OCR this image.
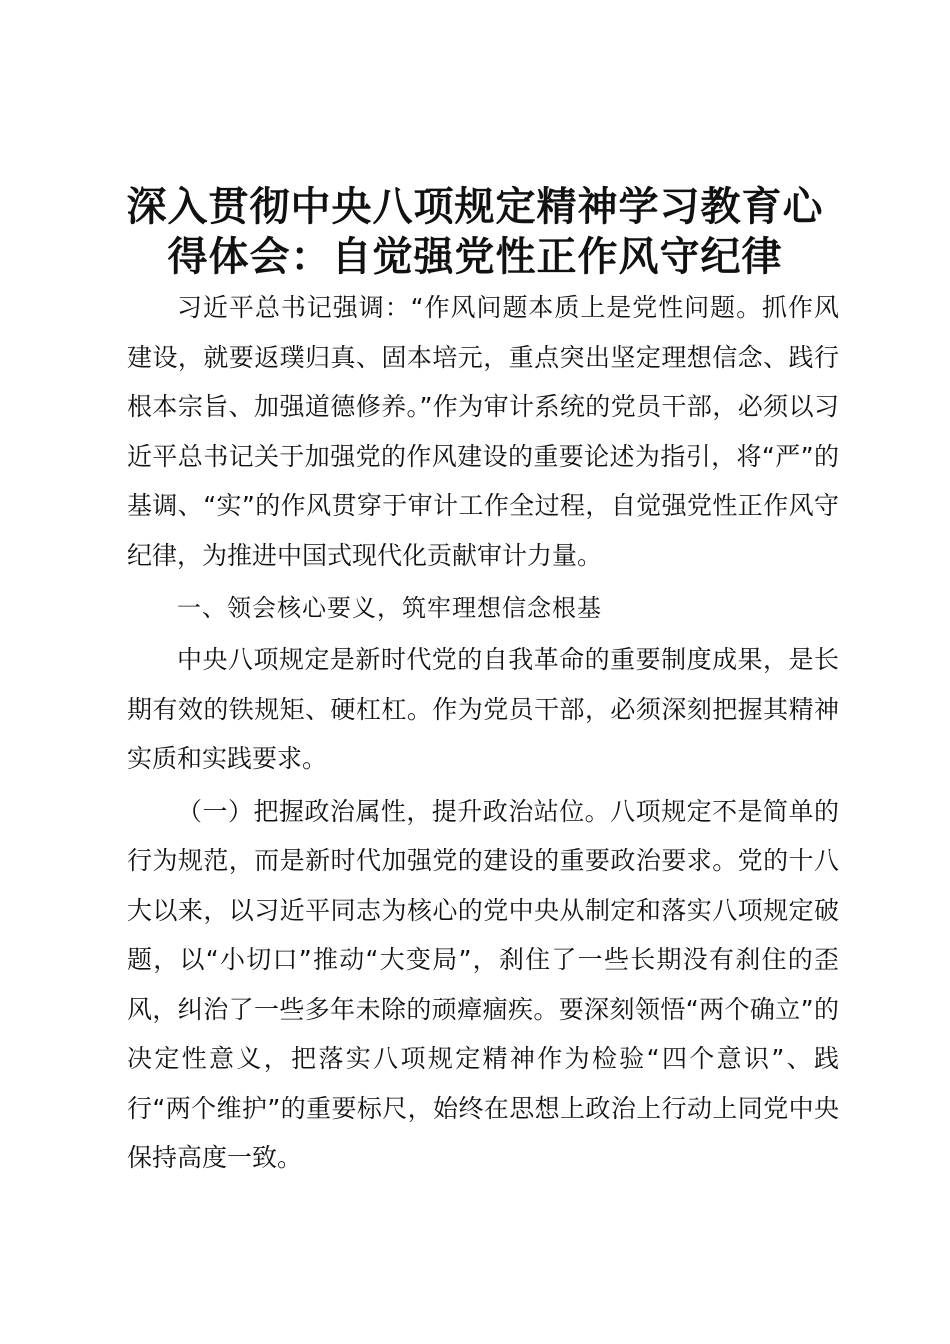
深入贯彻中央八项规定精神学习教育心
得体会：自觉强党性正作风守纪律

习近平总书记强调：“作风问题本质上是党性问题。抓作风建设，就要返璞归真、固本培元，重点突出坚定理想信念、践行根本宗旨、加强道德修养。”作为审计系统的党员干部，必须以习近平总书记关于加强党的作风建设的重要论述为指引，将“严”的基调、“实”的作风贯穿于审计工作全过程，自觉强党性正作风守纪律，为推进中国式现代化贡献审计力量。

一、领会核心要义，筑牢理想信念根基

中央八项规定是新时代党的自我革命的重要制度成果，是长期有效的铁规矩、硬杠杠。作为党员干部，必须深刻把握其精神实质和实践要求。

（一）把握政治属性，提升政治站位。八项规定不是简单的行为规范，而是新时代加强党的建设的重要政治要求。党的十八大以来，以习近平同志为核心的党中央从制定和落实八项规定破题，以“小切口”推动“大变局”，刹住了一些长期没有刹住的歪风，纠治了一些多年未除的顽瘴痼疾。要深刻领悟“两个确立”的决定性意义，把落实八项规定精神作为检验“四个意识”、践行“两个维护”的重要标尺，始终在思想上政治上行动上同党中央保持高度一致。
